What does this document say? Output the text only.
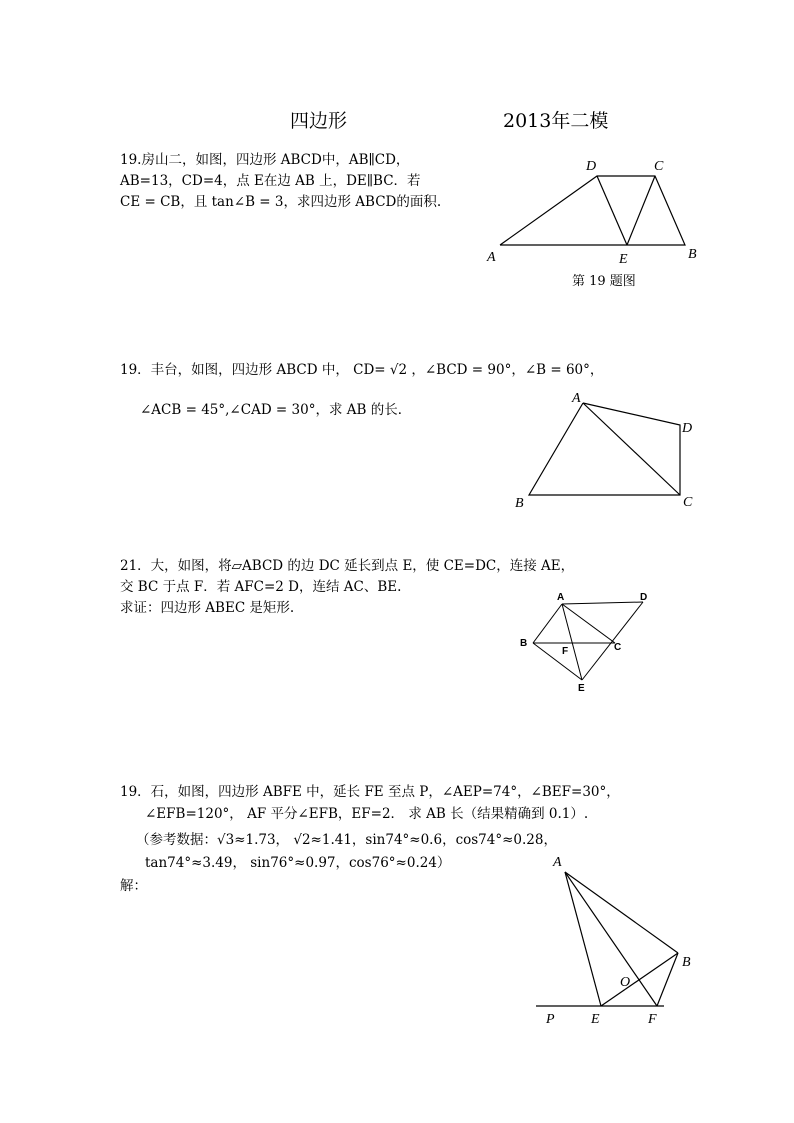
四边形	2013年二模
19.房山二，如图，四边形 ABCD中，AB∥CD，
AB=13，CD=4，点 E在边 AB 上，DE∥BC．若
CE = CB，且 tan∠B = 3，求四边形 ABCD的面积.
D	C
A	E	B
第 19 题图
19．丰台，如图，四边形 ABCD 中， CD= √2 ，∠BCD = 90°，∠B = 60°，
∠ACB = 45°,∠CAD = 30°，求 AB 的长．
A
D
B	C
21．大，如图，将▱ABCD 的边 DC 延长到点 E，使 CE=DC，连接 AE，
交 BC 于点 F．若 AFC=2 D，连结 AC、BE.
求证：四边形 ABEC 是矩形.
A	D
B	C
F
E
19．石，如图，四边形 ABFE 中，延长 FE 至点 P，∠AEP=74°，∠BEF=30°，
∠EFB=120°， AF 平分∠EFB，EF=2． 求 AB 长（结果精确到 0.1）.
（参考数据：√3≈1.73， √2≈1.41，sin74°≈0.6，cos74°≈0.28，
tan74°≈3.49， sin76°≈0.97，cos76°≈0.24）
解：
A
B
O
P	E	F
